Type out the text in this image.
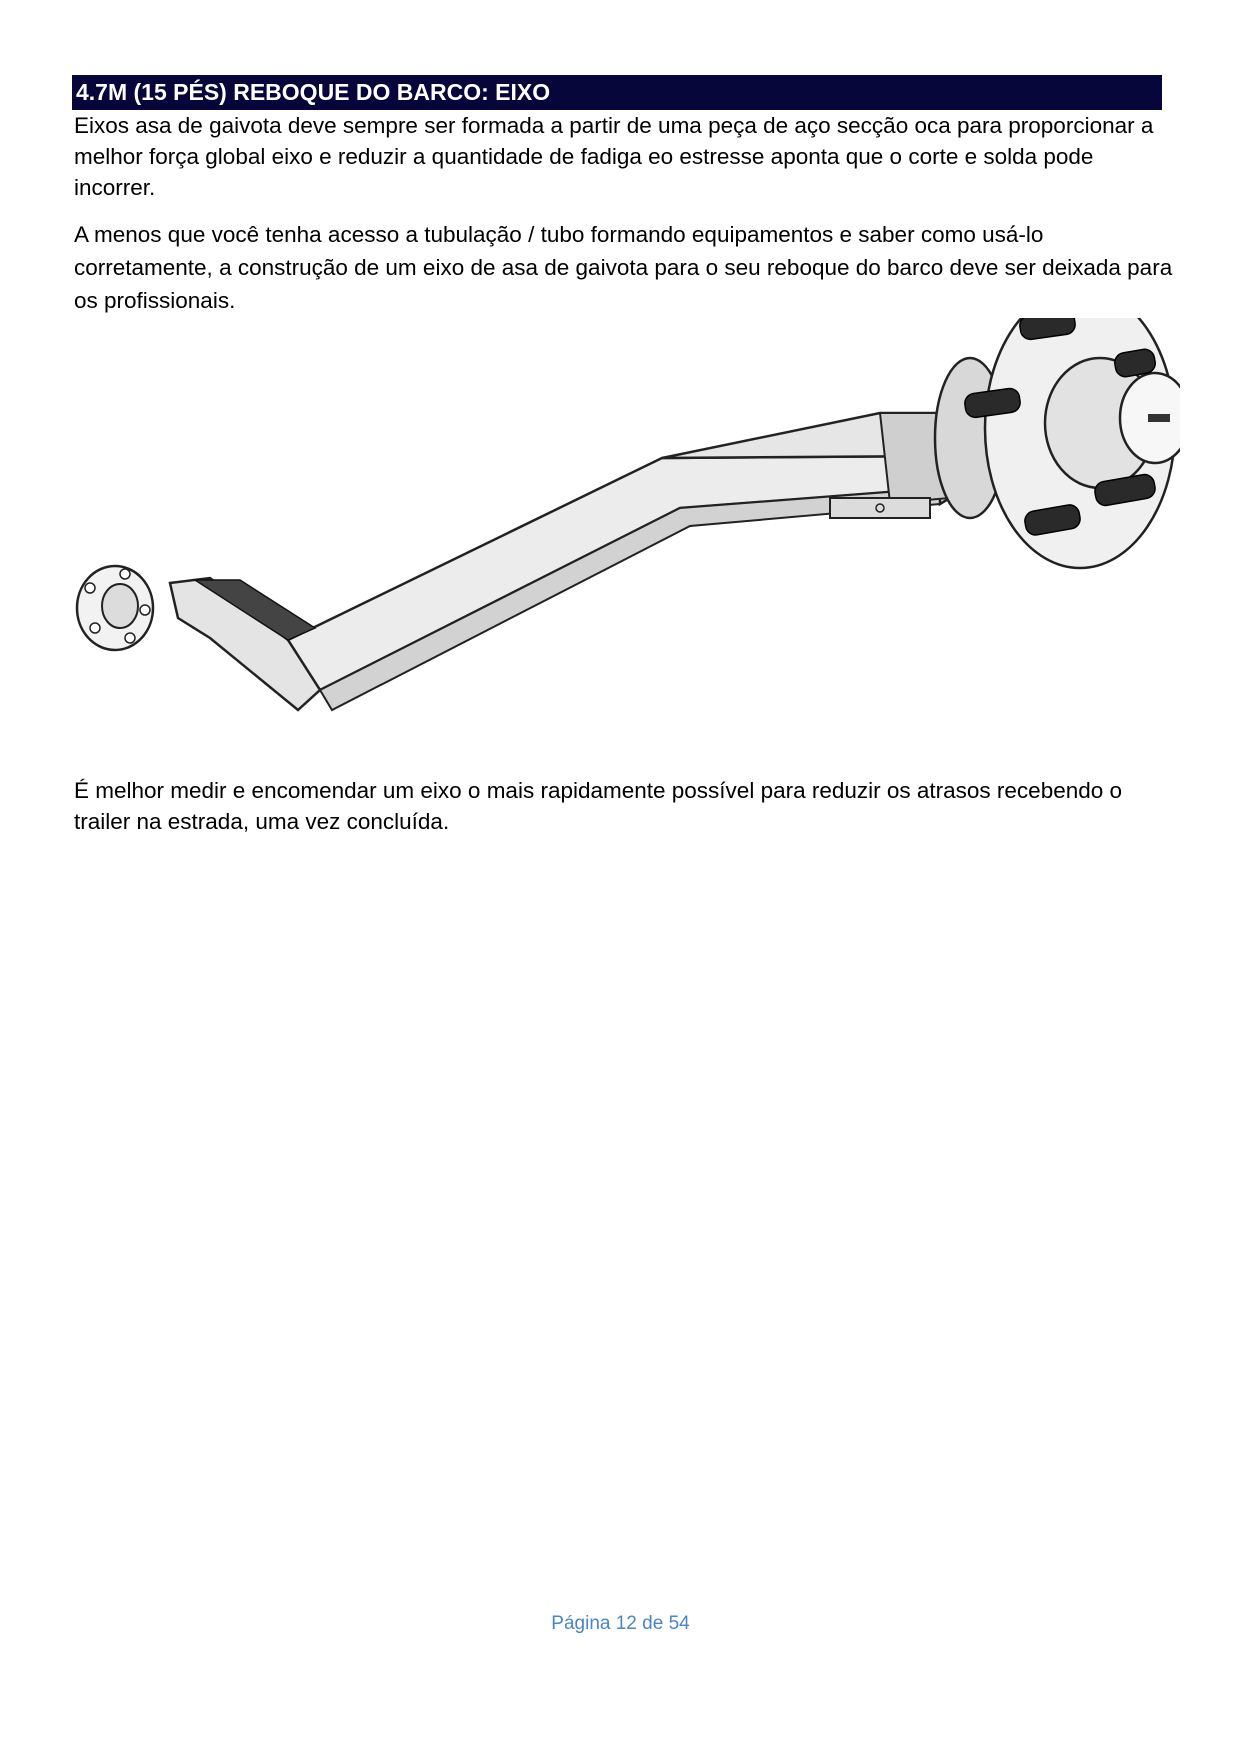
4.7M (15 PÉS) REBOQUE DO BARCO: EIXO

Eixos asa de gaivota deve sempre ser formada a partir de uma peça de aço secção oca para proporcionar a melhor força global eixo e reduzir a quantidade de fadiga eo estresse aponta que o corte e solda pode incorrer.

A menos que você tenha acesso a tubulação / tubo formando equipamentos e saber como usá-lo corretamente, a construção de um eixo de asa de gaivota para o seu reboque do barco deve ser deixada para os profissionais.

É melhor medir e encomendar um eixo o mais rapidamente possível para reduzir os atrasos recebendo o trailer na estrada, uma vez concluída.

Página 12 de 54
